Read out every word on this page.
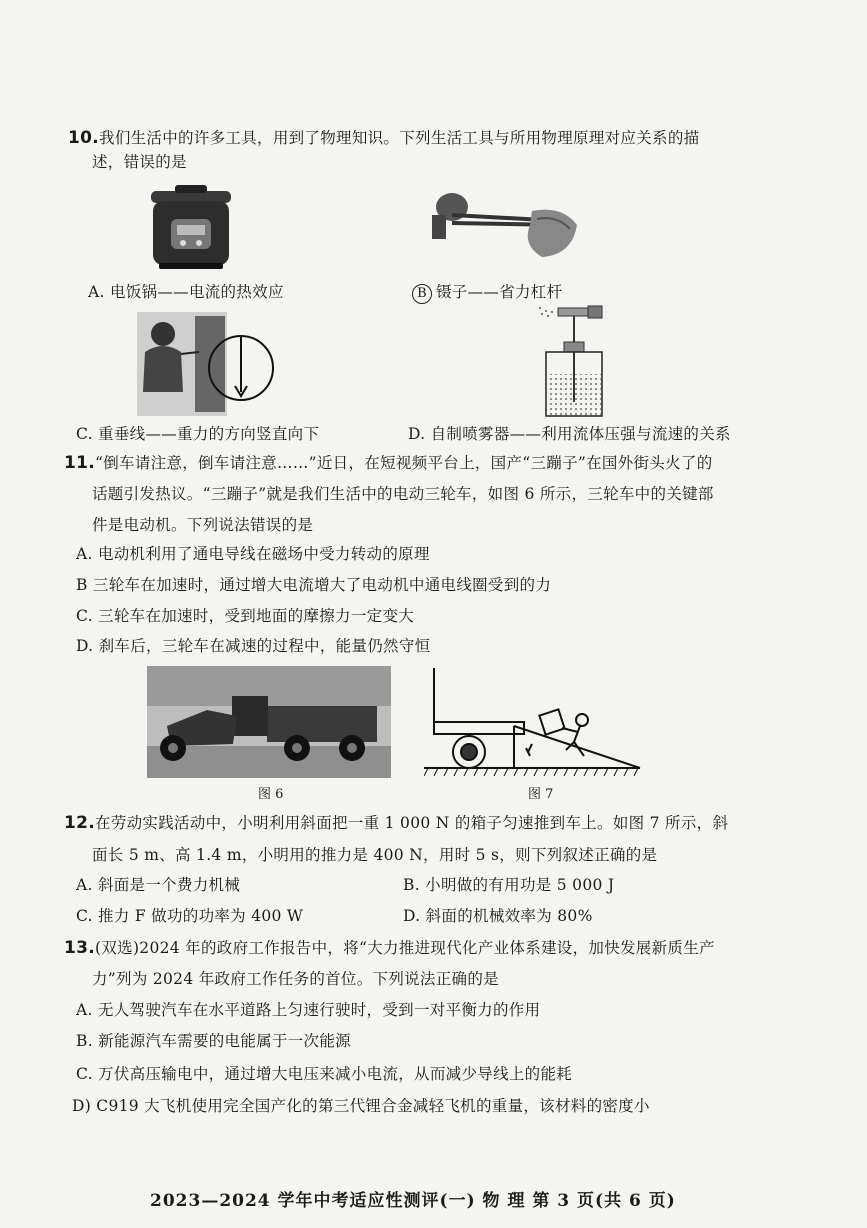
10.我们生活中的许多工具，用到了物理知识。下列生活工具与所用物理原理对应关系的描
述，错误的是
A. 电饭锅——电流的热效应	B 镊子——省力杠杆
C. 重垂线——重力的方向竖直向下	D. 自制喷雾器——利用流体压强与流速的关系
11.“倒车请注意，倒车请注意……”近日，在短视频平台上，国产“三蹦子”在国外街头火了的
话题引发热议。“三蹦子”就是我们生活中的电动三轮车，如图 6 所示，三轮车中的关键部
件是电动机。下列说法错误的是
A. 电动机利用了通电导线在磁场中受力转动的原理
B 三轮车在加速时，通过增大电流增大了电动机中通电线圈受到的力
C. 三轮车在加速时，受到地面的摩擦力一定变大
D. 刹车后，三轮车在减速的过程中，能量仍然守恒
图 6	图 7
12.在劳动实践活动中，小明利用斜面把一重 1 000 N 的箱子匀速推到车上。如图 7 所示，斜
面长 5 m、高 1.4 m，小明用的推力是 400 N，用时 5 s，则下列叙述正确的是
A. 斜面是一个费力机械	B. 小明做的有用功是 5 000 J
C. 推力 F 做功的功率为 400 W	D. 斜面的机械效率为 80%
13.(双选)2024 年的政府工作报告中，将“大力推进现代化产业体系建设，加快发展新质生产
力”列为 2024 年政府工作任务的首位。下列说法正确的是
A. 无人驾驶汽车在水平道路上匀速行驶时，受到一对平衡力的作用
B. 新能源汽车需要的电能属于一次能源
C. 万伏高压输电中，通过增大电压来减小电流，从而减少导线上的能耗
D) C919 大飞机使用完全国产化的第三代锂合金减轻飞机的重量，该材料的密度小
2023—2024 学年中考适应性测评(一) 物 理 第 3 页(共 6 页)
